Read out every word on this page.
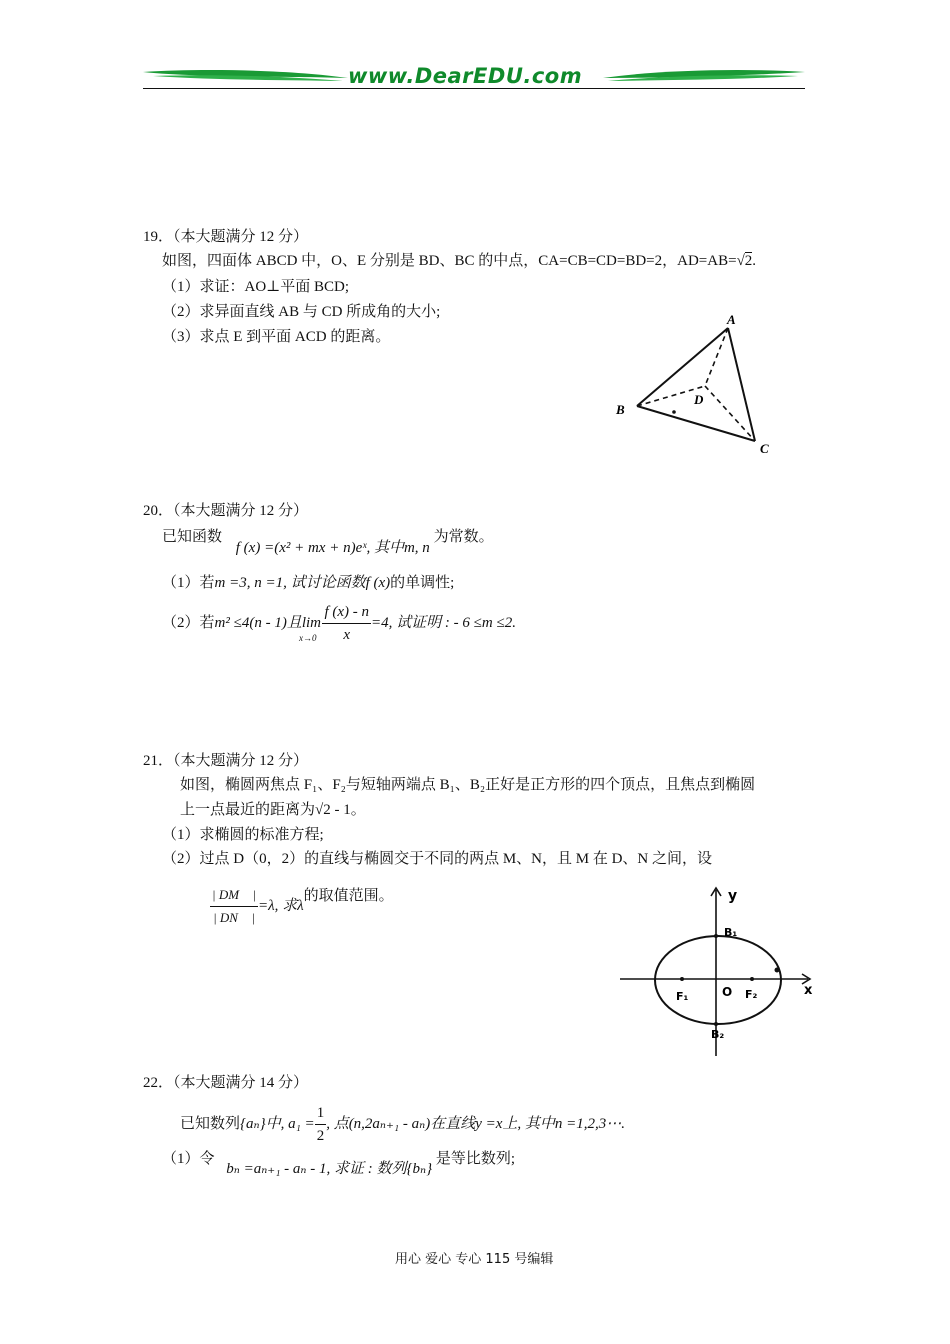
www.DearEDU.com
19．（本大题满分 12 分）
如图，四面体 ABCD 中，O、E 分别是 BD、BC 的中点，CA=CB=CD=BD=2，AD=AB=√2.
（1）求证：AO⊥平面 BCD;
（2）求异面直线 AB 与 CD 所成角的大小;
（3）求点 E 到平面 ACD 的距离。
A
B
C
D
20．（本大题满分 12 分）
已知函数 f (x) =(x² + mx + n)eˣ, 其中m, n 为常数。
（1）若m =3, n =1, 试讨论函数f (x)的单调性;
（2）若m² ≤4(n - 1)且$\lim_{x\to 0} \frac{f (x) - n}{x} =4$, 试证明 : - 6 ≤m ≤2.
21．（本大题满分 12 分）
如图，椭圆两焦点 F₁、F₂与短轴两端点 B₁、B₂正好是正方形的四个顶点，且焦点到椭圆
上一点最近的距离为√2 - 1。
（1）求椭圆的标准方程;
（2）过点 D（0，2）的直线与椭圆交于不同的两点 M、N，且 M 在 D、N 之间，设
$\frac{| DM⃗ |}{| DN⃗ |} =\lambda$, 求λ的取值范围。	y
x
O
B₁
B₂
F₁	F₂
22．（本大题满分 14 分）
已知数列{aₙ}中, $a_1 = \frac{1}{2}$ , 点(n,2aₙ₊₁ - aₙ)在直线y =x上, 其中n =1,2,3⋯.
（1）令 bₙ =aₙ₊₁ - aₙ - 1, 求证 : 数列{bₙ} 是等比数列;
用心 爱心 专心 115 号编辑
